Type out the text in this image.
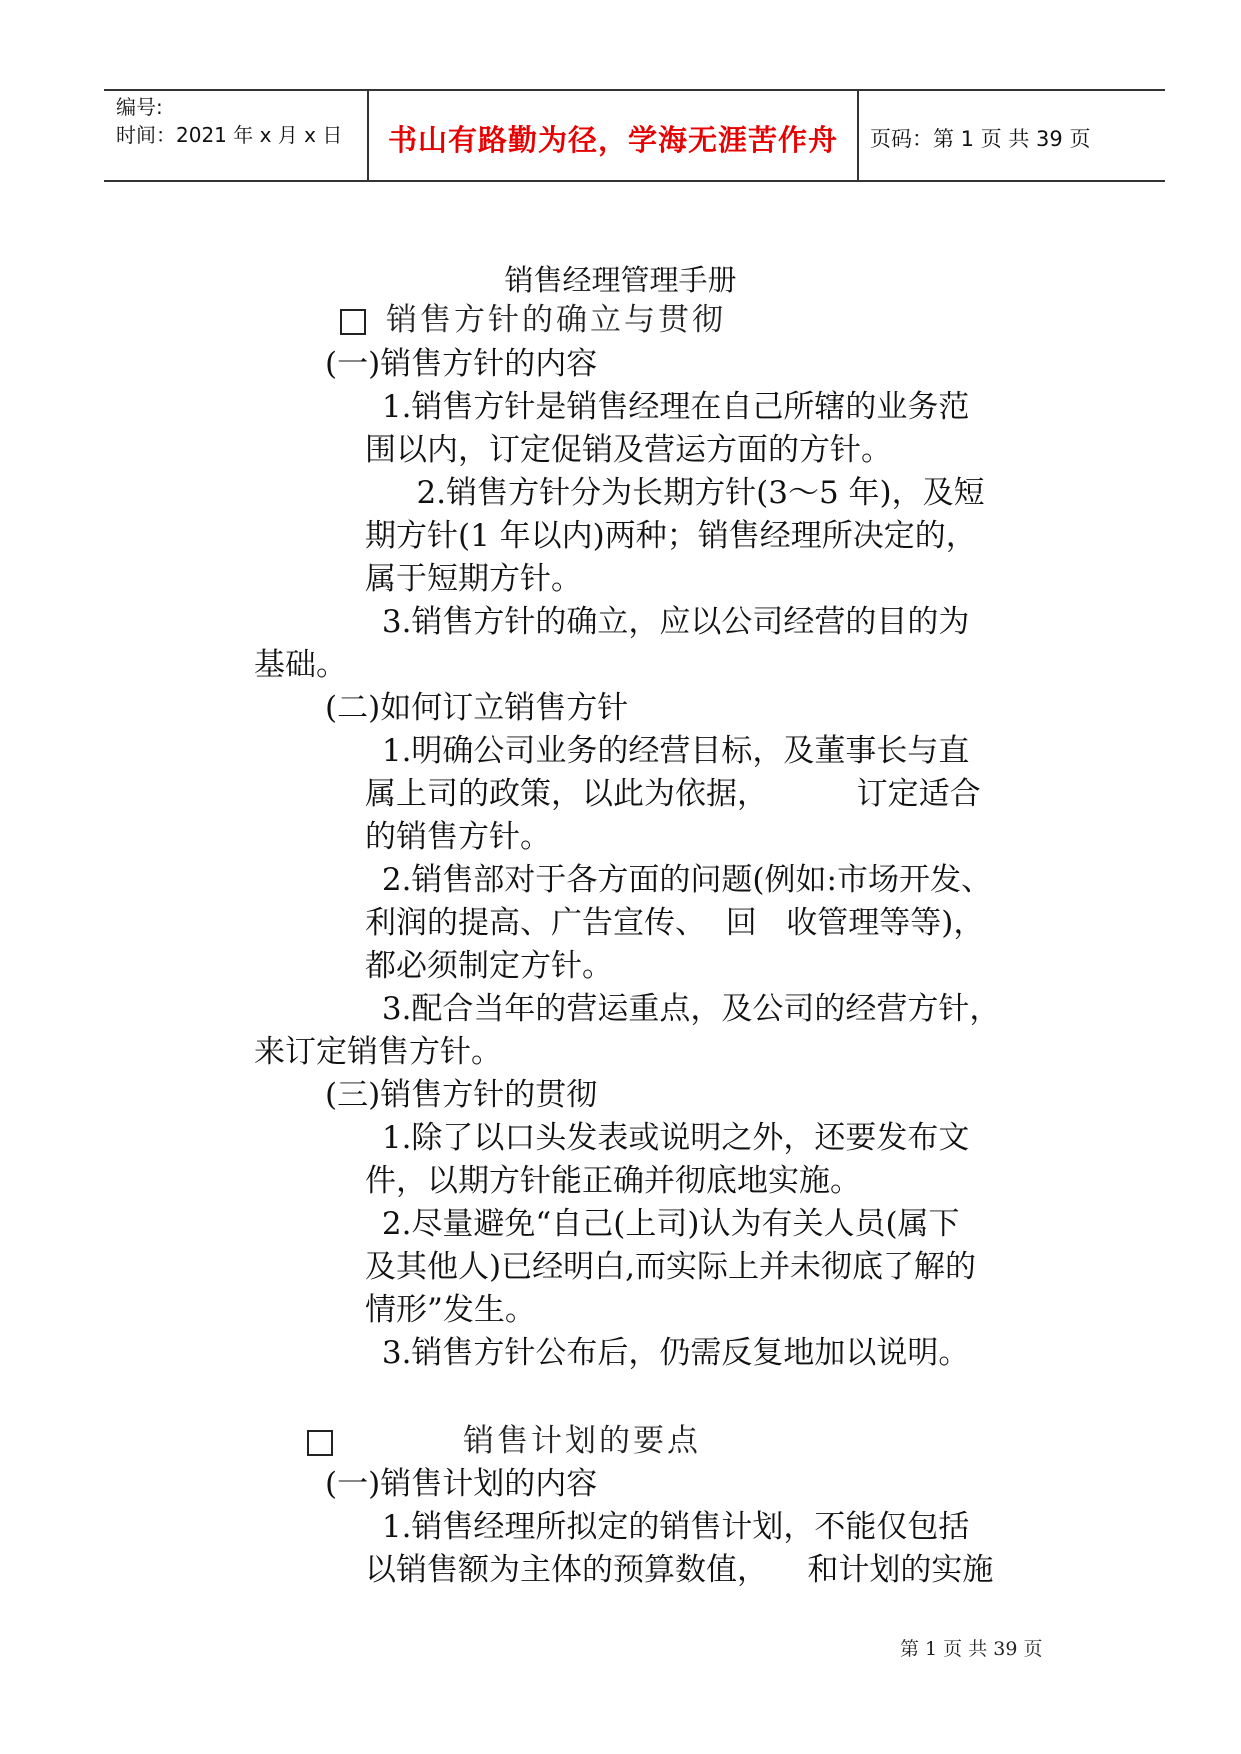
编号:
时间：2021 年 x 月 x 日	书山有路勤为径，学海无涯苦作舟	页码：第 1 页 共 39 页
销售经理管理手册
销售方针的确立与贯彻
(一)销售方针的内容
1.销售方针是销售经理在自己所辖的业务范
围以内，订定促销及营运方面的方针。
2.销售方针分为长期方针(3～5 年)，及短
期方针(1 年以内)两种；销售经理所决定的，
属于短期方针。
3.销售方针的确立，应以公司经营的目的为
基础。
(二)如何订立销售方针
1.明确公司业务的经营目标，及董事长与直
属上司的政策，以此为依据，         订定适合
的销售方针。
2.销售部对于各方面的问题(例如:市场开发、
利润的提高、广告宣传、  回   收管理等等)，
都必须制定方针。
3.配合当年的营运重点，及公司的经营方针，
来订定销售方针。
(三)销售方针的贯彻
1.除了以口头发表或说明之外，还要发布文
件，以期方针能正确并彻底地实施。
2.尽量避免“自己(上司)认为有关人员(属下
及其他人)已经明白,而实际上并未彻底了解的
情形”发生。
3.销售方针公布后，仍需反复地加以说明。
销售计划的要点
(一)销售计划的内容
1.销售经理所拟定的销售计划，不能仅包括
以销售额为主体的预算数值，    和计划的实施
第 1 页 共 39 页
